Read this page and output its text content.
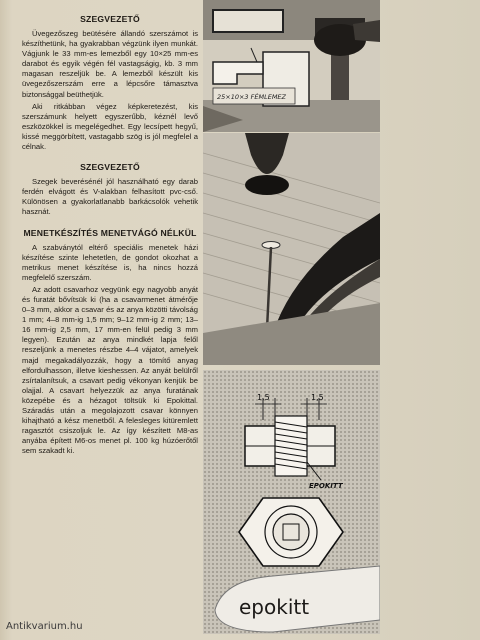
SZEGVEZETŐ

Üvegezőszeg beütésére állandó szerszámot is készíthetünk, ha gyakrabban végzünk ilyen munkát. Vágjunk le 33 mm-es lemezből egy 10×25 mm-es darabot és egyik végén fél vastagságig, kb. 3 mm magasan reszeljük be. A lemezből készült kis üvegezőszerszám erre a lépcsőre támasztva biztonsággal beüthetjük.

Aki ritkábban végez képkeretezést, kis szerszámunk helyett egyszerűbb, kéznél levő eszközökkel is megelégedhet. Egy lecsípett hegyű, kissé meggörbített, vastagabb szög is jól megfelel a célnak.

SZEGVEZETŐ

Szegek beverésénél jól használható egy darab ferdén elvágott és V-alakban felhasított pvc-cső. Különösen a gyakorlatlanabb barkácsolók vehetik hasznát.

MENETKÉSZÍTÉS MENETVÁGÓ NÉLKÜL

A szabványtól eltérő speciális menetek házi készítése szinte lehetetlen, de gondot okozhat a metrikus menet készítése is, ha nincs hozzá megfelelő szerszám.

Az adott csavarhoz vegyünk egy nagyobb anyát és furatát bővítsük ki (ha a csavarmenet átmérője 0–3 mm, akkor a csavar és az anya közötti távolság 1 mm; 4–8 mm-ig 1,5 mm; 9–12 mm-ig 2 mm; 13–16 mm-ig 2,5 mm, 17 mm-en felül pedig 3 mm legyen). Ezután az anya mindkét lapja felől reszeljünk a menetes részbe 4–4 vájatot, amelyek majd megakadályozzák, hogy a tömítő anyag elfordulhasson, illetve kieshessen. Az anyát belülről zsírtalanítsuk, a csavart pedig vékonyan kenjük be olajjal. A csavart helyezzük az anya furatának közepébe és a hézagot töltsük ki Epokittal. Száradás után a megolajozott csavar könnyen kihajtható a kész menetből. A felesleges kitüremlett ragasztót csiszoljuk le. Az így készített M8-as anyába épített M6-os menet pl. 100 kg húzóerőtől sem szakadt ki.

25×10×3 FÉMLEMEZ
1,5	1,5
EPOKITT
epokitt
Antikvarium.hu
